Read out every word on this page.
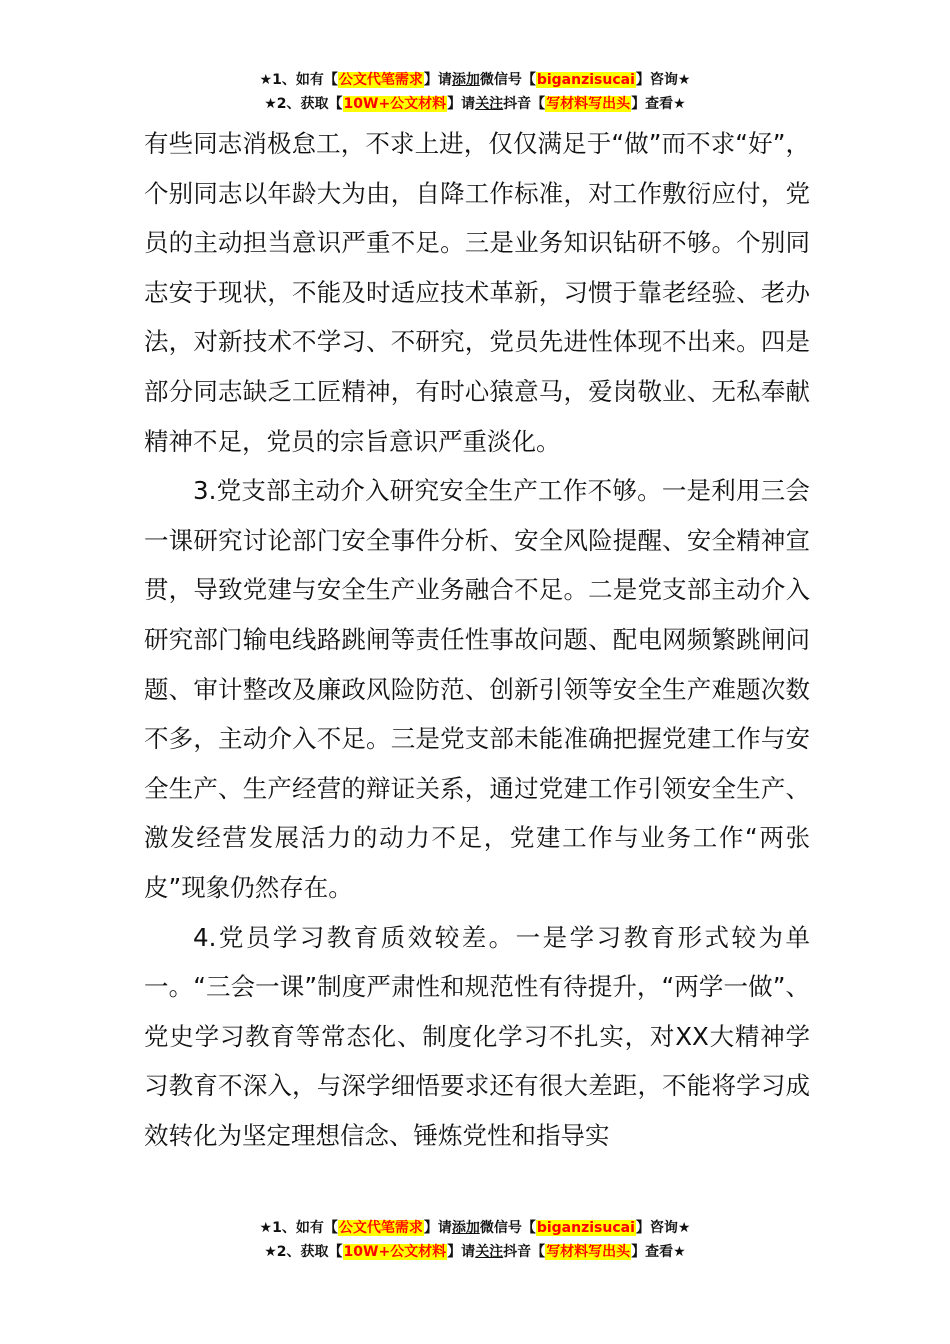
★1、如有【公文代笔需求】请添加微信号【biganzisucai】咨询★
★2、获取【10W+公文材料】请关注抖音【写材料写出头】查看★

有些同志消极怠工，不求上进，仅仅满足于“做”而不求“好”，个别同志以年龄大为由，自降工作标准，对工作敷衍应付，党员的主动担当意识严重不足。三是业务知识钻研不够。个别同志安于现状，不能及时适应技术革新，习惯于靠老经验、老办法，对新技术不学习、不研究，党员先进性体现不出来。四是部分同志缺乏工匠精神，有时心猿意马，爱岗敬业、无私奉献精神不足，党员的宗旨意识严重淡化。

3.党支部主动介入研究安全生产工作不够。一是利用三会一课研究讨论部门安全事件分析、安全风险提醒、安全精神宣贯，导致党建与安全生产业务融合不足。二是党支部主动介入研究部门输电线路跳闸等责任性事故问题、配电网频繁跳闸问题、审计整改及廉政风险防范、创新引领等安全生产难题次数不多，主动介入不足。三是党支部未能准确把握党建工作与安全生产、生产经营的辩证关系，通过党建工作引领安全生产、激发经营发展活力的动力不足，党建工作与业务工作“两张皮”现象仍然存在。

4.党员学习教育质效较差。一是学习教育形式较为单一。“三会一课”制度严肃性和规范性有待提升，“两学一做”、党史学习教育等常态化、制度化学习不扎实，对XX大精神学习教育不深入，与深学细悟要求还有很大差距，不能将学习成效转化为坚定理想信念、锤炼党性和指导实

★1、如有【公文代笔需求】请添加微信号【biganzisucai】咨询★
★2、获取【10W+公文材料】请关注抖音【写材料写出头】查看★
